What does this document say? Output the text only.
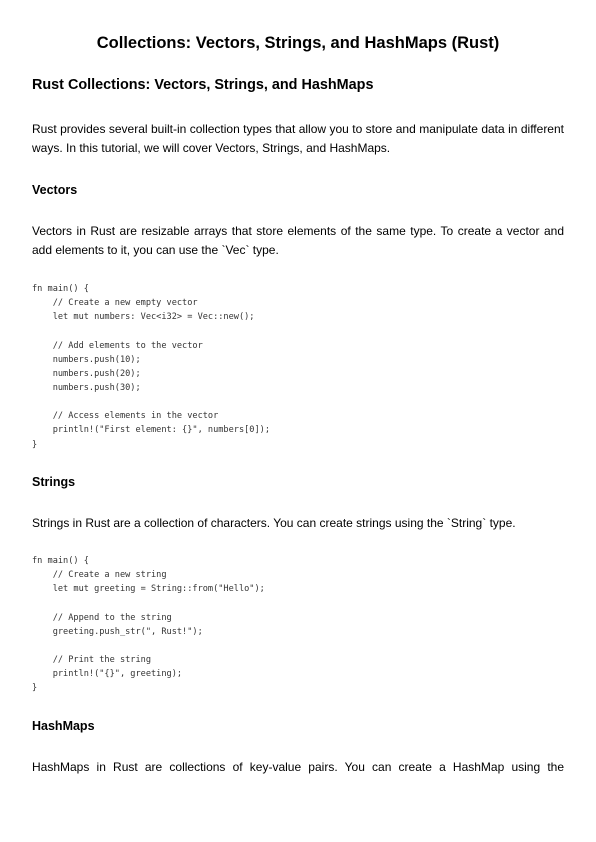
Collections: Vectors, Strings, and HashMaps (Rust)
Rust Collections: Vectors, Strings, and HashMaps

Rust provides several built-in collection types that allow you to store and manipulate data in different ways. In this tutorial, we will cover Vectors, Strings, and HashMaps.

Vectors

Vectors in Rust are resizable arrays that store elements of the same type. To create a vector and add elements to it, you can use the `Vec` type.

fn main() {
// Create a new empty vector
let mut numbers: Vec<i32> = Vec::new();
// Add elements to the vector
numbers.push(10);
numbers.push(20);
numbers.push(30);
// Access elements in the vector
println!("First element: {}", numbers[0]);
}
Strings

Strings in Rust are a collection of characters. You can create strings using the `String` type.

fn main() {
// Create a new string
let mut greeting = String::from("Hello");
// Append to the string
greeting.push_str(", Rust!");
// Print the string
println!("{}", greeting);
}
HashMaps

HashMaps in Rust are collections of key-value pairs. You can create a HashMap using the
